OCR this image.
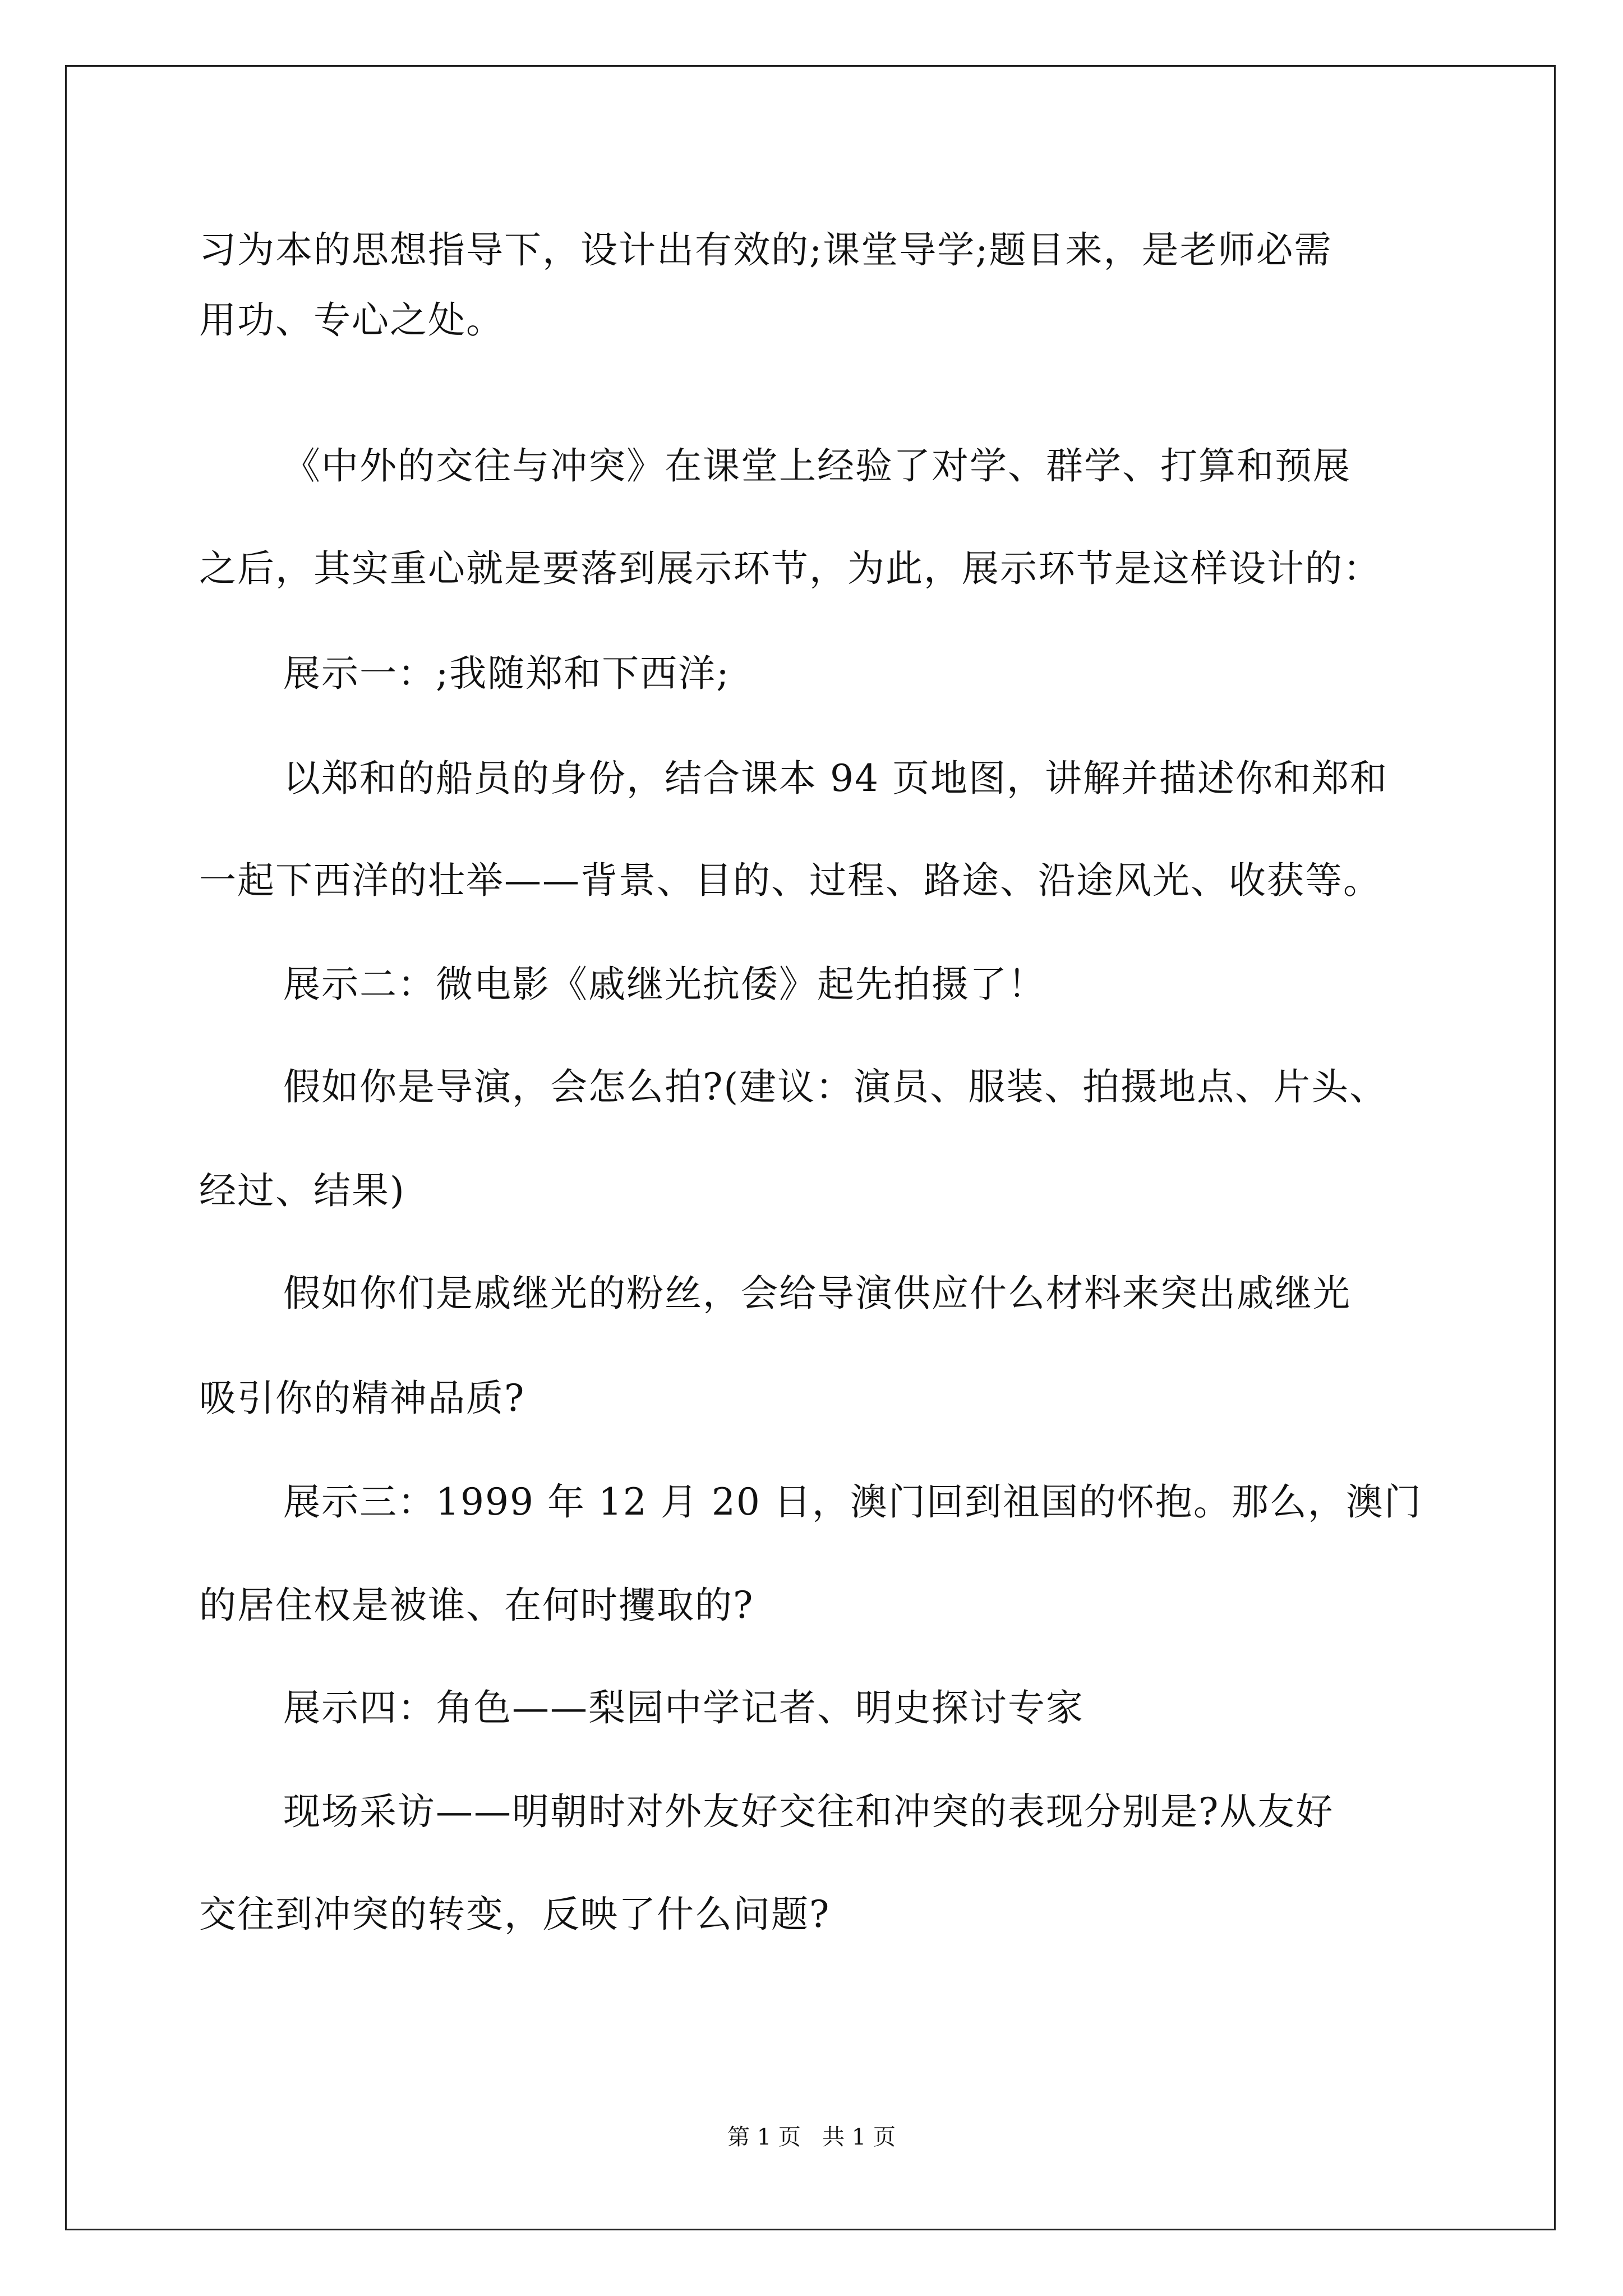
习为本的思想指导下，设计出有效的;课堂导学;题目来，是老师必需
用功、专心之处。
《中外的交往与冲突》在课堂上经验了对学、群学、打算和预展
之后，其实重心就是要落到展示环节，为此，展示环节是这样设计的：
展示一：;我随郑和下西洋;
以郑和的船员的身份，结合课本 94 页地图，讲解并描述你和郑和
一起下西洋的壮举——背景、目的、过程、路途、沿途风光、收获等。
展示二：微电影《戚继光抗倭》起先拍摄了！
假如你是导演，会怎么拍?(建议：演员、服装、拍摄地点、片头、
经过、结果)
假如你们是戚继光的粉丝，会给导演供应什么材料来突出戚继光
吸引你的精神品质?
展示三：1999 年 12 月 20 日，澳门回到祖国的怀抱。那么，澳门
的居住权是被谁、在何时攫取的?
展示四：角色——梨园中学记者、明史探讨专家
现场采访——明朝时对外友好交往和冲突的表现分别是?从友好
交往到冲突的转变，反映了什么问题?
第 1 页   共 1 页
